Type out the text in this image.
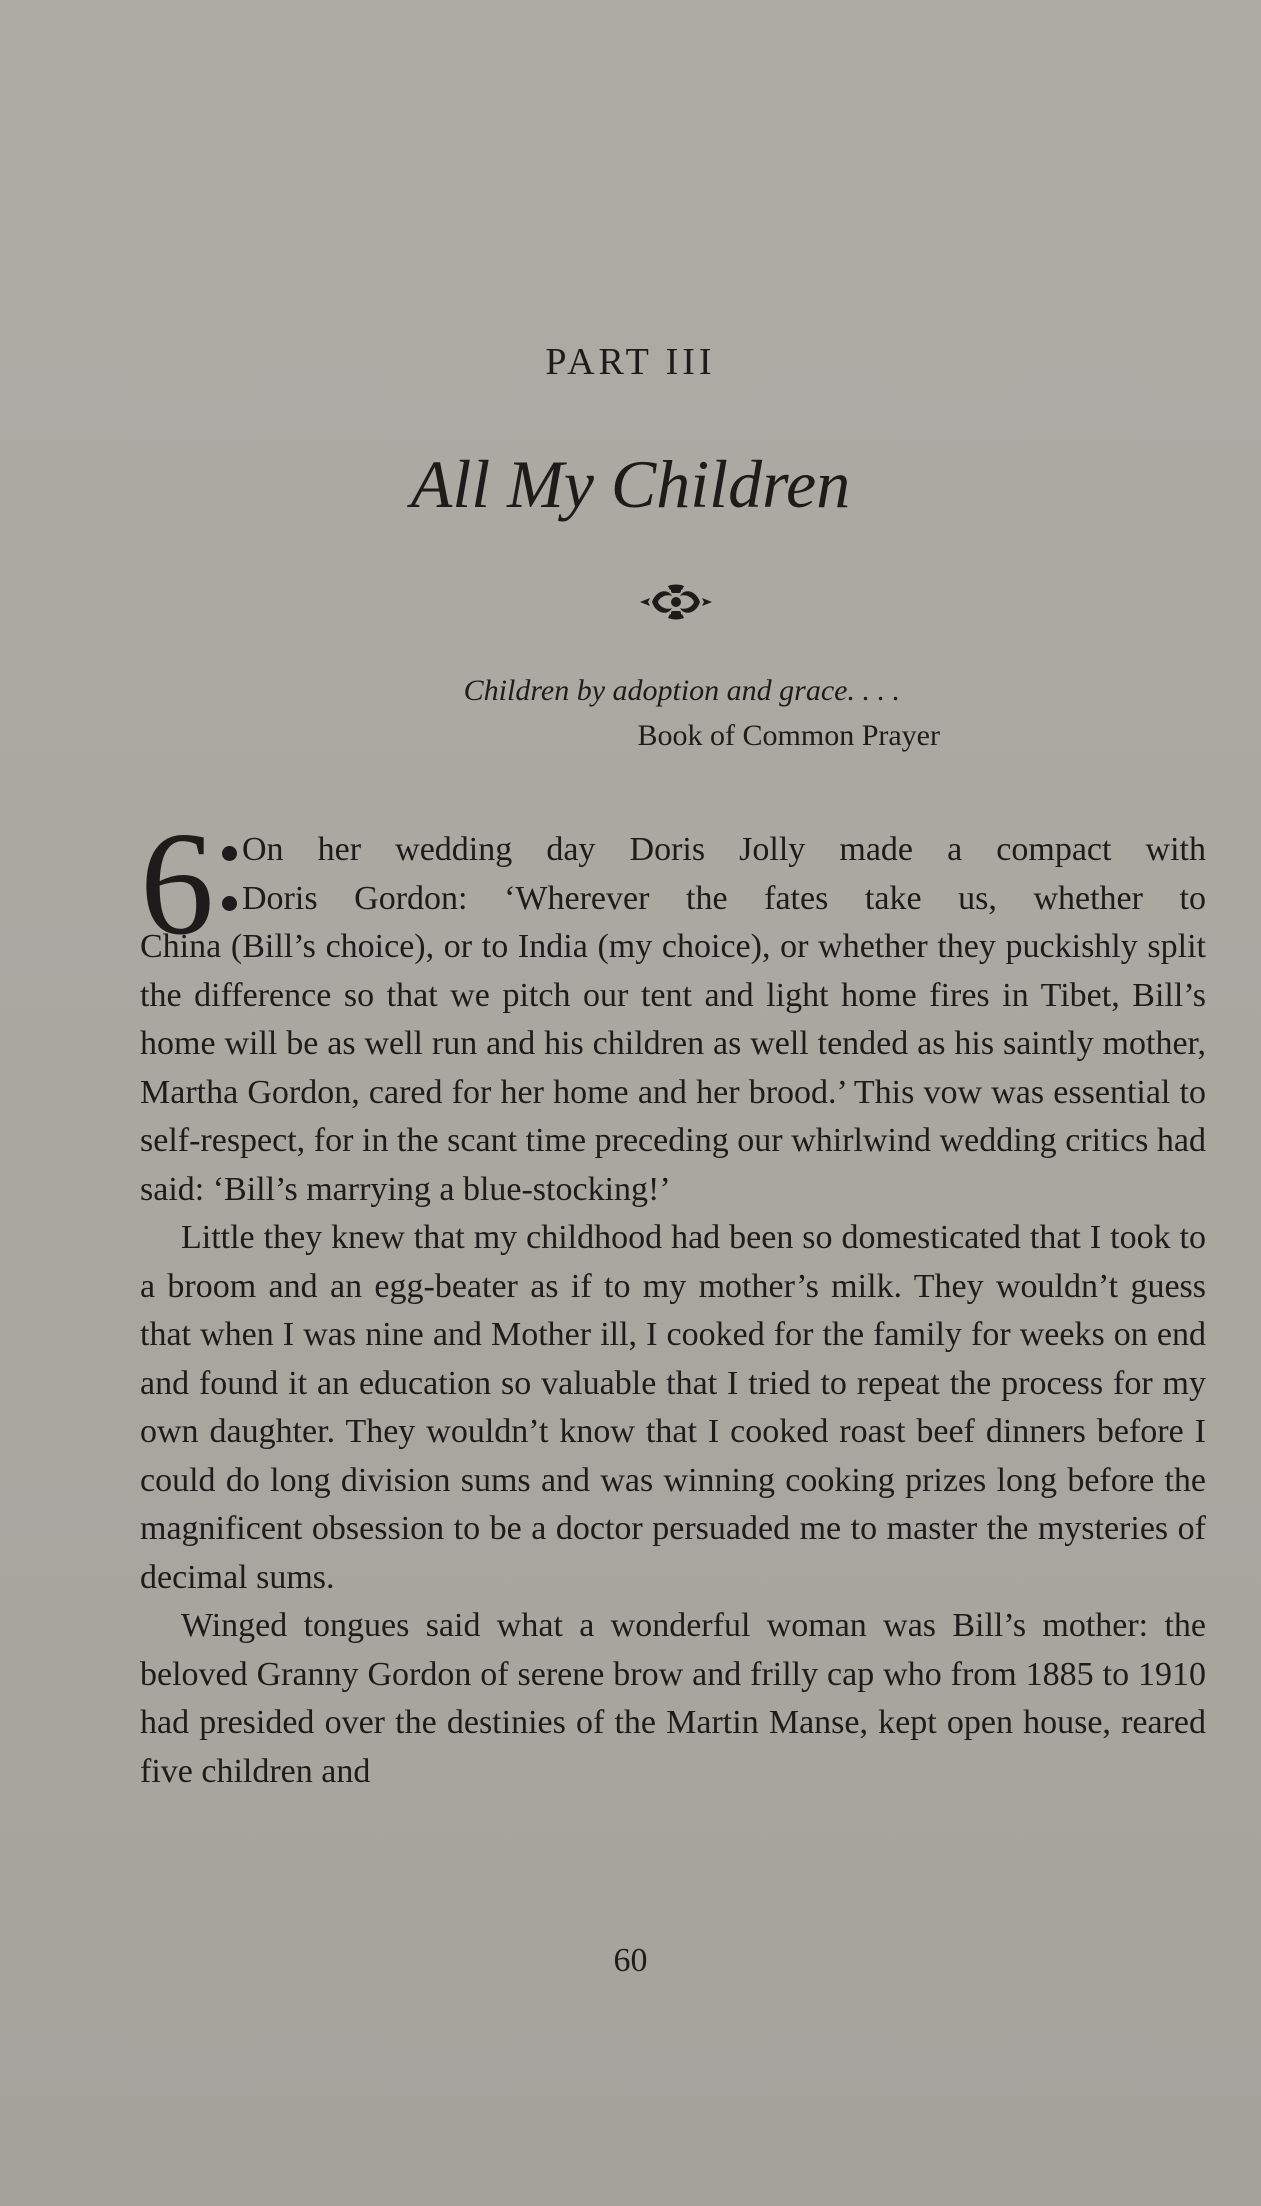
PART III
All My Children
Children by adoption and grace. . . .
Book of Common Prayer
6 On her wedding day Doris Jolly made a compact with
Doris Gordon: ‘Wherever the fates take us, whether to
China (Bill’s choice), or to India (my choice), or whether they puckishly split the difference so that we pitch our tent and light home fires in Tibet, Bill’s home will be as well run and his children as well tended as his saintly mother, Martha Gordon, cared for her home and her brood.’ This vow was essential to self-respect, for in the scant time preceding our whirlwind wedding critics had said: ‘Bill’s marrying a blue-stocking!’

Little they knew that my childhood had been so domesticated that I took to a broom and an egg-beater as if to my mother’s milk. They wouldn’t guess that when I was nine and Mother ill, I cooked for the family for weeks on end and found it an education so valuable that I tried to repeat the process for my own daughter. They wouldn’t know that I cooked roast beef dinners before I could do long division sums and was winning cooking prizes long before the magnificent obsession to be a doctor persuaded me to master the mysteries of decimal sums.

Winged tongues said what a wonderful woman was Bill’s mother: the beloved Granny Gordon of serene brow and frilly cap who from 1885 to 1910 had presided over the destinies of the Martin Manse, kept open house, reared five children and

60
